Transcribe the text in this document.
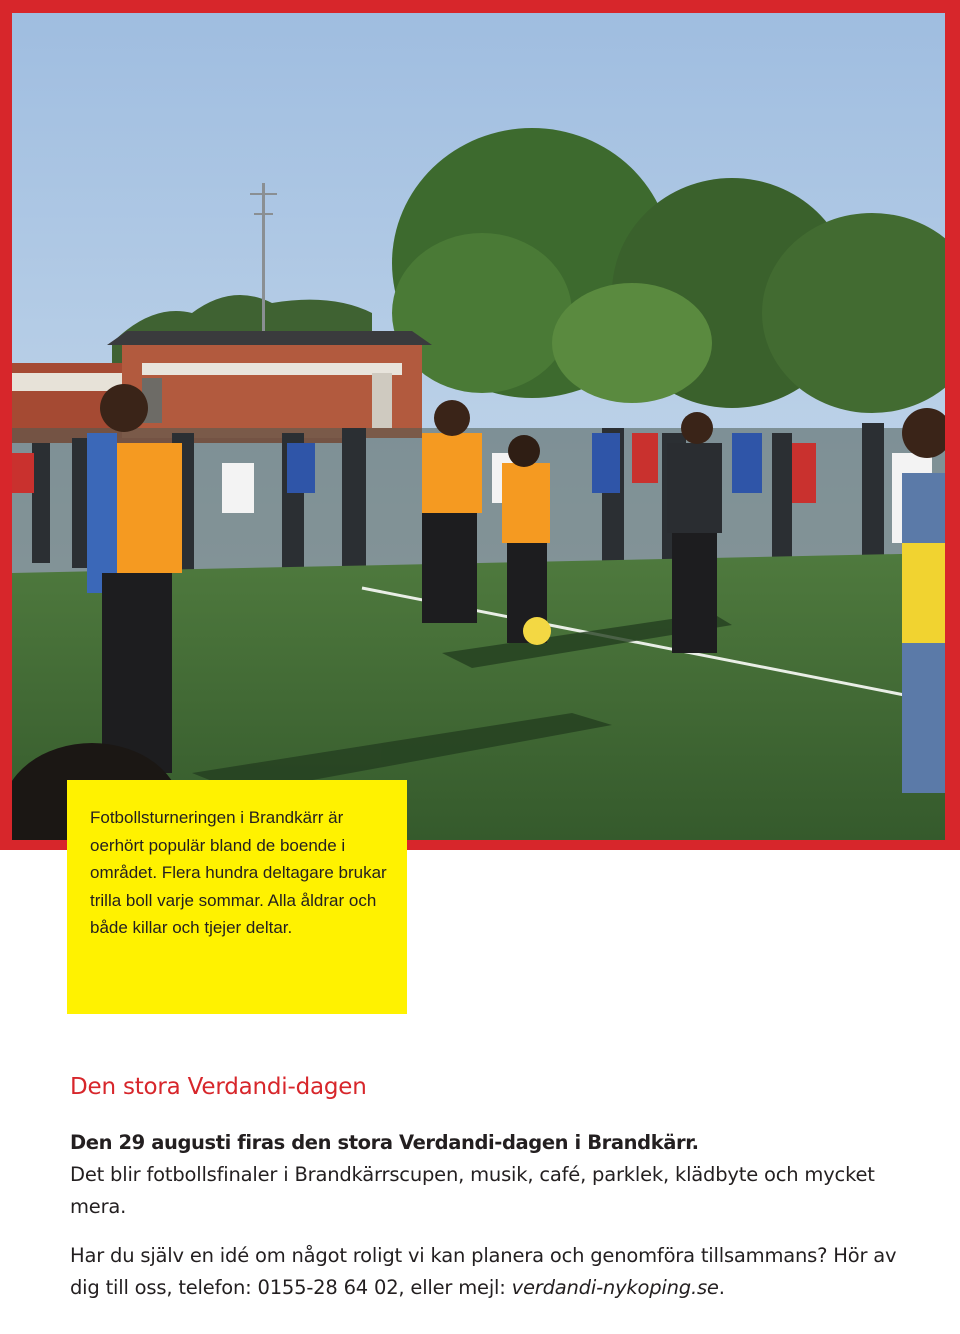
Fotbollsturneringen i Brandkärr är oerhört populär bland de boende i området. Flera hundra deltagare brukar trilla boll varje sommar. Alla åldrar och både killar och tjejer deltar.

Den stora Verdandi-dagen

Den 29 augusti firas den stora Verdandi-dagen i Brandkärr.

Det blir fotbollsfinaler i Brandkärrscupen, musik, café, parklek, klädbyte och mycket mera.

Har du själv en idé om något roligt vi kan planera och genomföra tillsammans? Hör av dig till oss, telefon: 0155-28 64 02, eller mejl: verdandi-nykoping.se.
